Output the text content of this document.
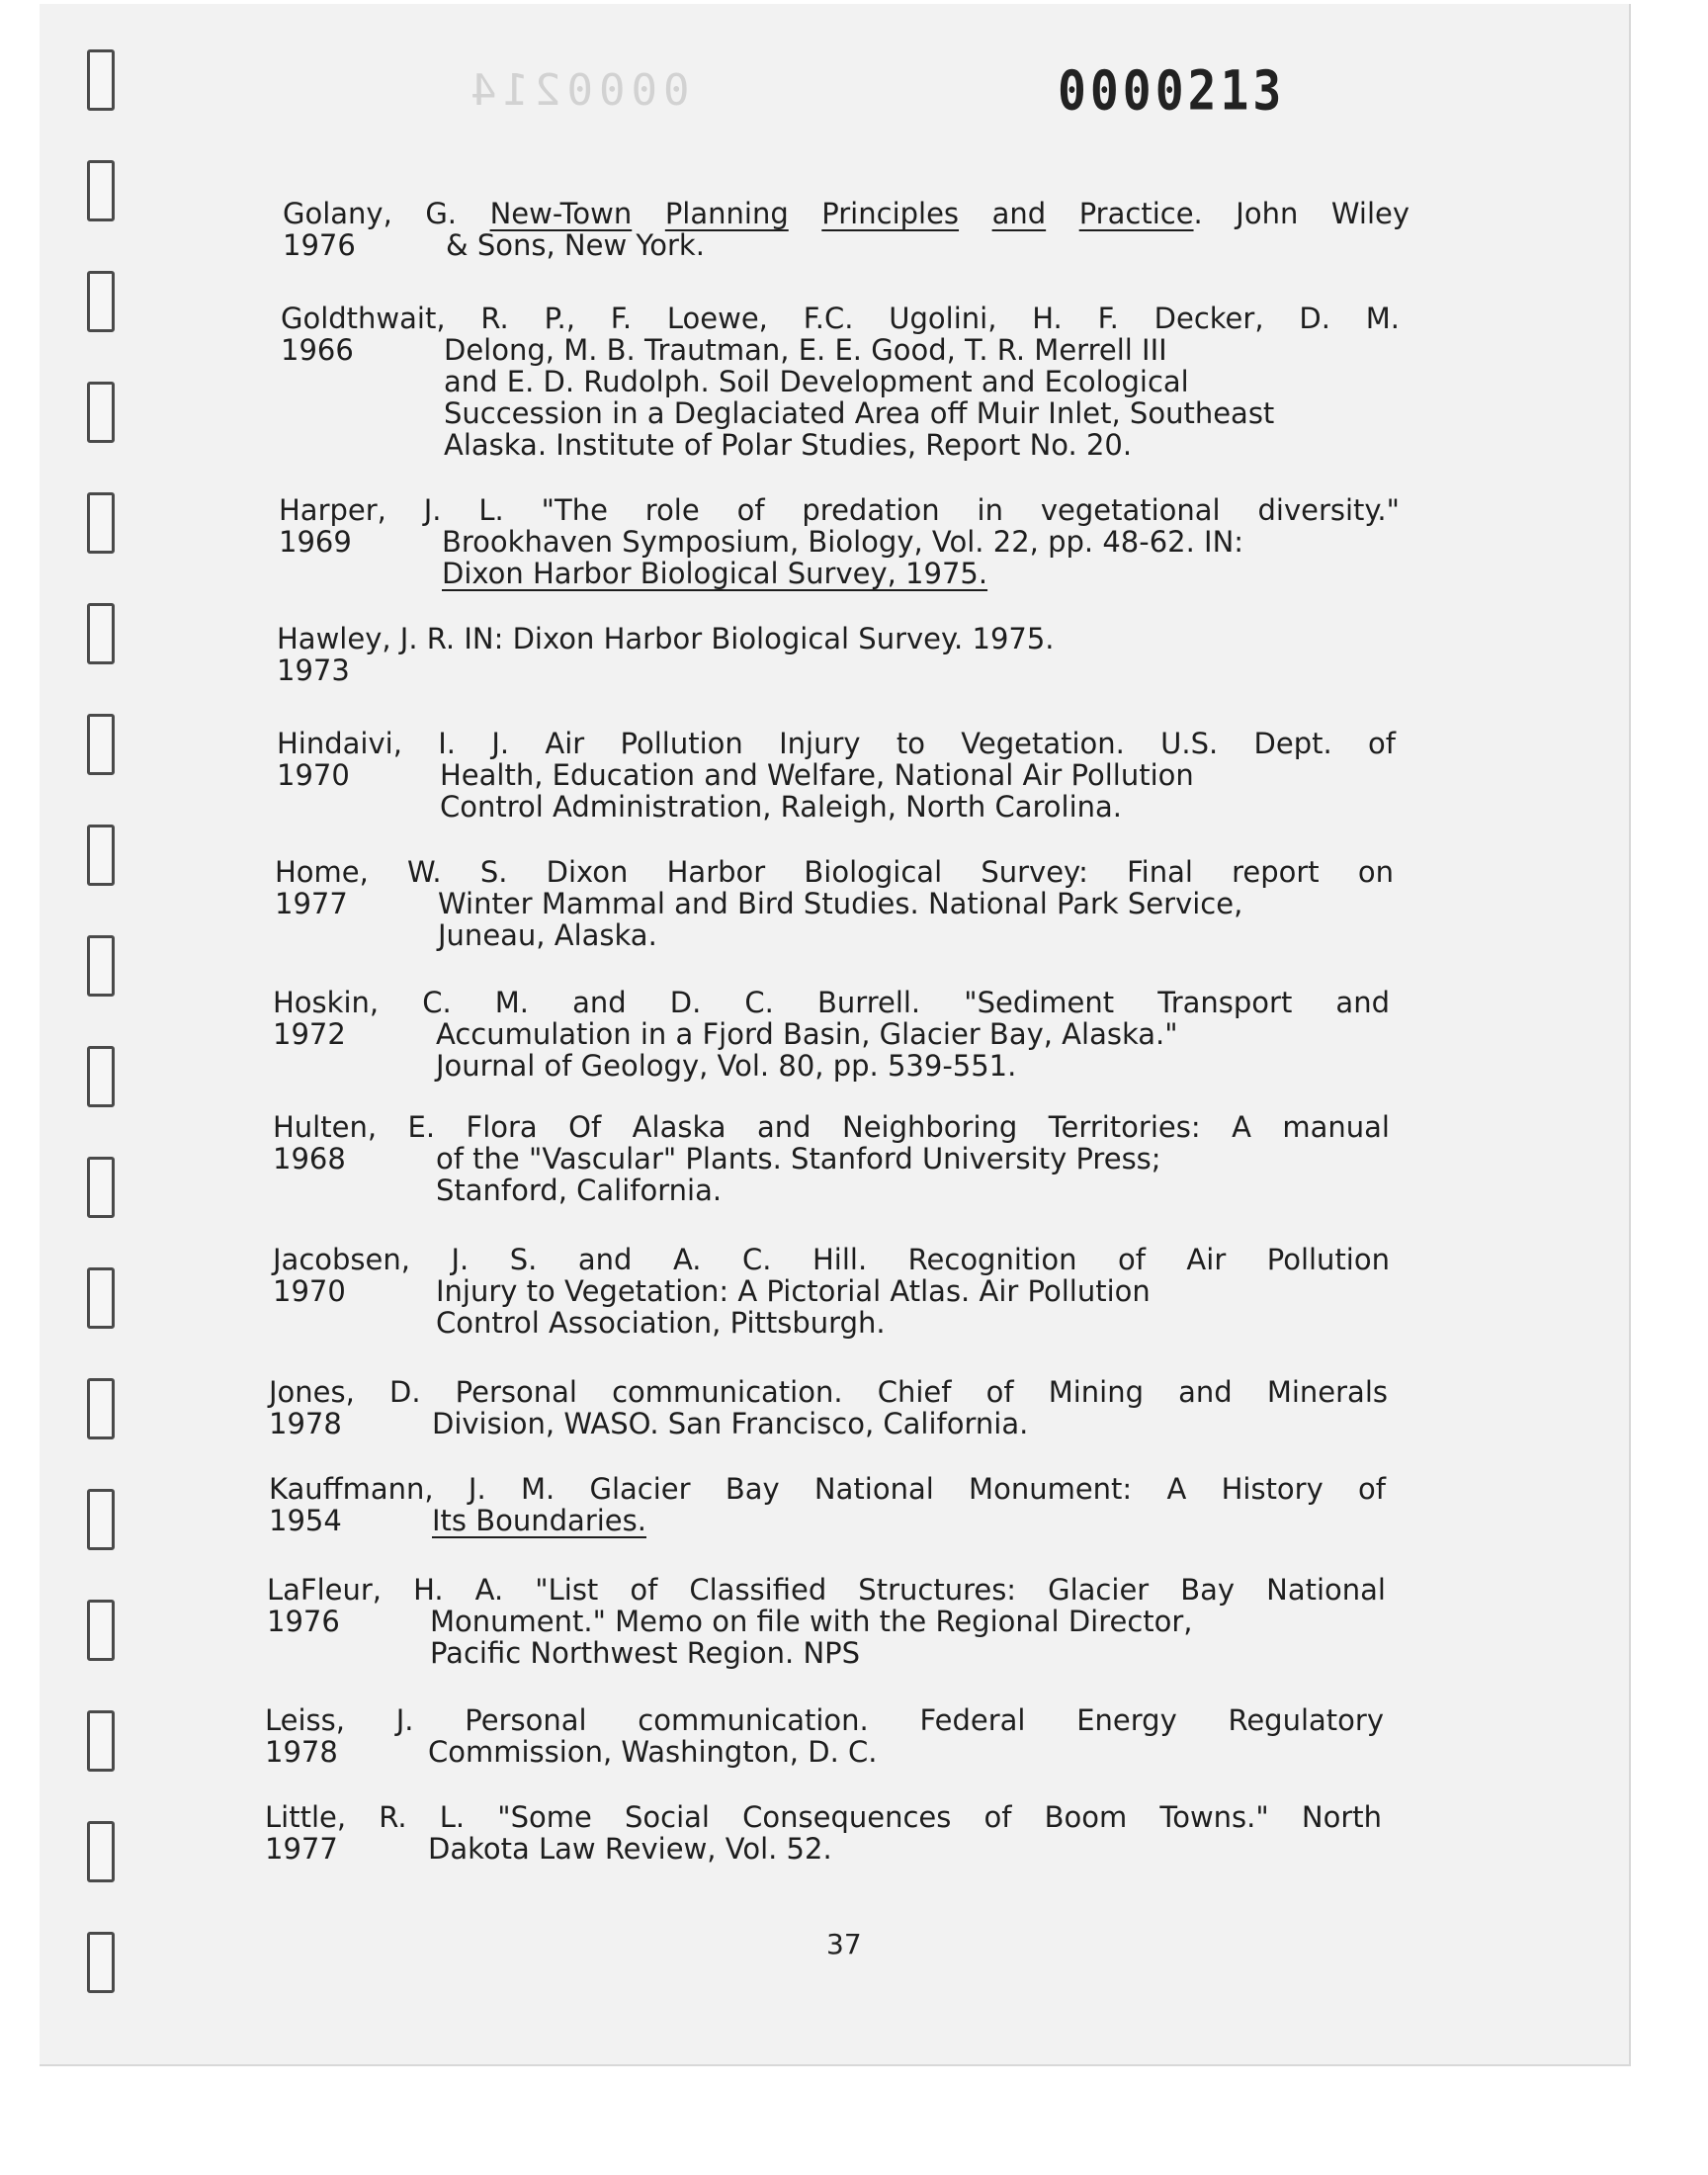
0000214	0000213
Golany, G. New-Town Planning Principles and Practice. John Wiley
1976	& Sons, New York.
Goldthwait, R. P., F. Loewe, F.C. Ugolini, H. F. Decker, D. M.
1966	Delong, M. B. Trautman, E. E. Good, T. R. Merrell III
and E. D. Rudolph. Soil Development and Ecological
Succession in a Deglaciated Area off Muir Inlet, Southeast
Alaska. Institute of Polar Studies, Report No. 20.
Harper, J. L. "The role of predation in vegetational diversity."
1969	Brookhaven Symposium, Biology, Vol. 22, pp. 48-62. IN:
Dixon Harbor Biological Survey, 1975.
Hawley, J. R. IN: Dixon Harbor Biological Survey. 1975.
1973
Hindaivi, I. J. Air Pollution Injury to Vegetation. U.S. Dept. of
1970	Health, Education and Welfare, National Air Pollution
Control Administration, Raleigh, North Carolina.
Home, W. S. Dixon Harbor Biological Survey: Final report on
1977	Winter Mammal and Bird Studies. National Park Service,
Juneau, Alaska.
Hoskin, C. M. and D. C. Burrell. "Sediment Transport and
1972	Accumulation in a Fjord Basin, Glacier Bay, Alaska."
Journal of Geology, Vol. 80, pp. 539-551.
Hulten, E. Flora Of Alaska and Neighboring Territories: A manual
1968	of the "Vascular" Plants. Stanford University Press;
Stanford, California.
Jacobsen, J. S. and A. C. Hill. Recognition of Air Pollution
1970	Injury to Vegetation: A Pictorial Atlas. Air Pollution
Control Association, Pittsburgh.
Jones, D. Personal communication. Chief of Mining and Minerals
1978	Division, WASO. San Francisco, California.
Kauffmann, J. M. Glacier Bay National Monument: A History of
1954	Its Boundaries.
LaFleur, H. A. "List of Classified Structures: Glacier Bay National
1976	Monument." Memo on file with the Regional Director,
Pacific Northwest Region. NPS
Leiss, J. Personal communication. Federal Energy Regulatory
1978	Commission, Washington, D. C.
Little, R. L. "Some Social Consequences of Boom Towns." North
1977	Dakota Law Review, Vol. 52.
37
